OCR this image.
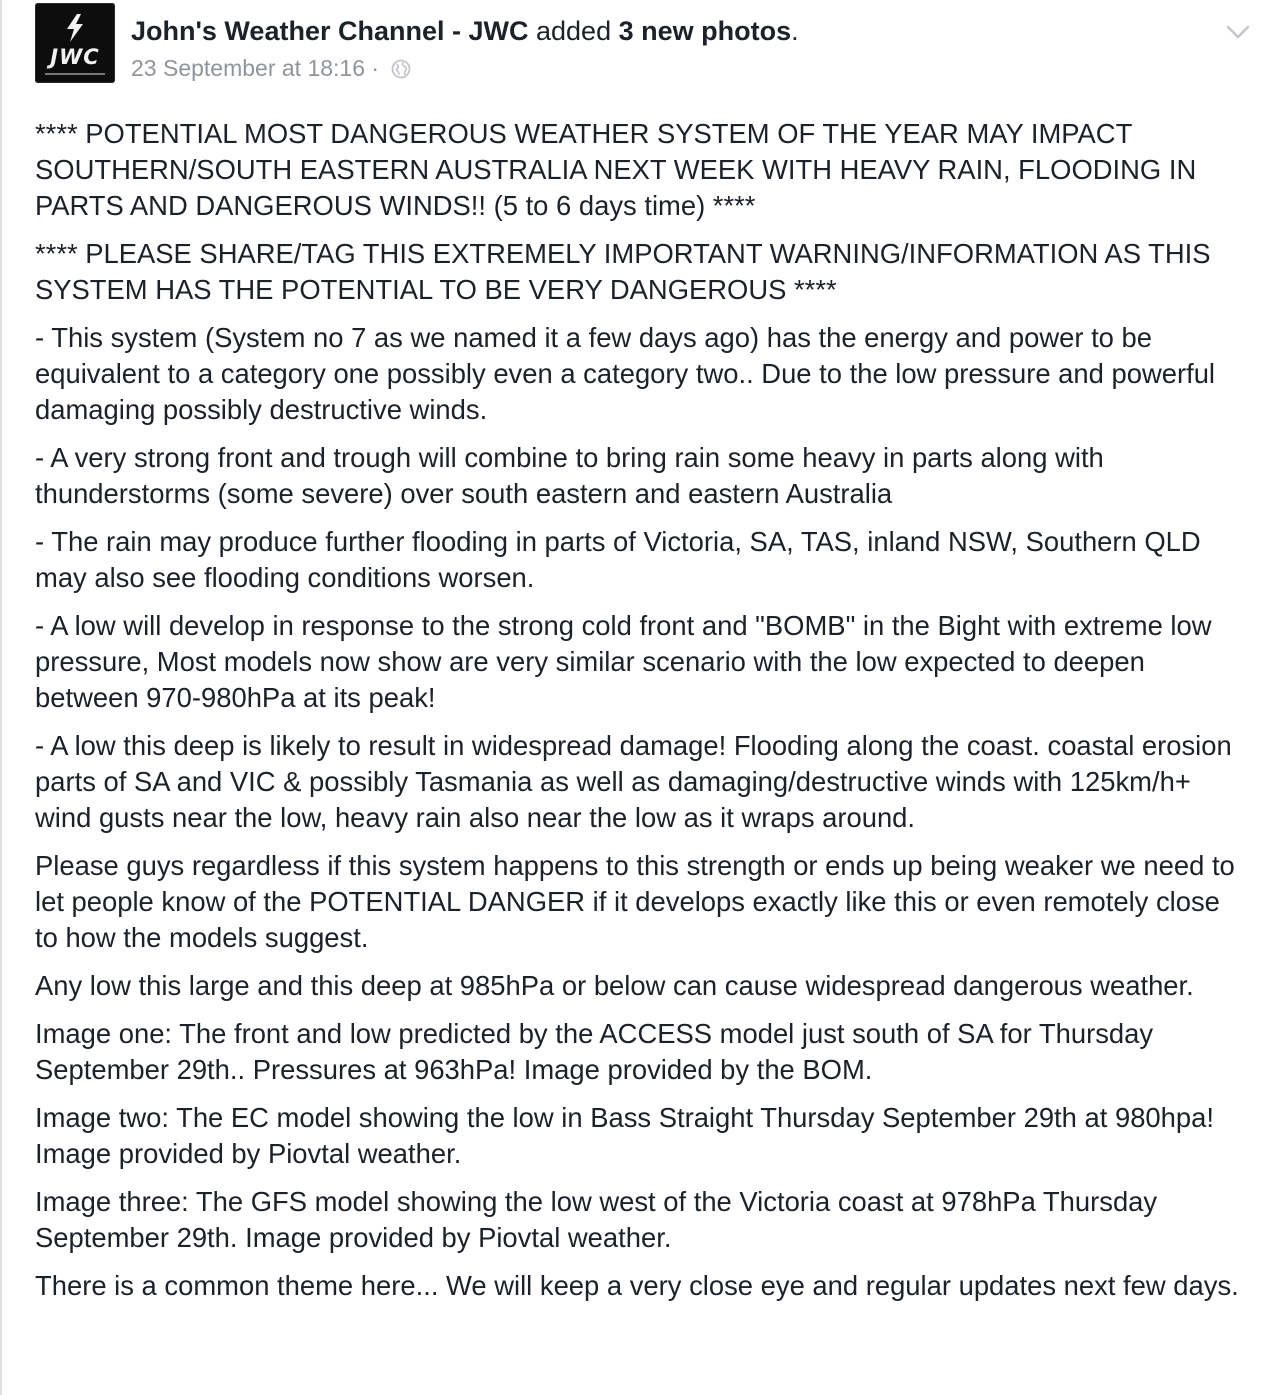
JWC
John's Weather Channel - JWC added 3 new photos.
23 September at 18:16 ·

**** POTENTIAL MOST DANGEROUS WEATHER SYSTEM OF THE YEAR MAY IMPACT SOUTHERN/SOUTH EASTERN AUSTRALIA NEXT WEEK WITH HEAVY RAIN, FLOODING IN PARTS AND DANGEROUS WINDS!! (5 to 6 days time) ****

**** PLEASE SHARE/TAG THIS EXTREMELY IMPORTANT WARNING/INFORMATION AS THIS SYSTEM HAS THE POTENTIAL TO BE VERY DANGEROUS ****

- This system (System no 7 as we named it a few days ago) has the energy and power to be equivalent to a category one possibly even a category two.. Due to the low pressure and powerful damaging possibly destructive winds.

- A very strong front and trough will combine to bring rain some heavy in parts along with thunderstorms (some severe) over south eastern and eastern Australia

- The rain may produce further flooding in parts of Victoria, SA, TAS, inland NSW, Southern QLD may also see flooding conditions worsen.

- A low will develop in response to the strong cold front and "BOMB" in the Bight with extreme low pressure, Most models now show are very similar scenario with the low expected to deepen between 970-980hPa at its peak!

- A low this deep is likely to result in widespread damage! Flooding along the coast. coastal erosion parts of SA and VIC & possibly Tasmania as well as damaging/destructive winds with 125km/h+ wind gusts near the low, heavy rain also near the low as it wraps around.

Please guys regardless if this system happens to this strength or ends up being weaker we need to let people know of the POTENTIAL DANGER if it develops exactly like this or even remotely close to how the models suggest.

Any low this large and this deep at 985hPa or below can cause widespread dangerous weather.

Image one: The front and low predicted by the ACCESS model just south of SA for Thursday September 29th.. Pressures at 963hPa! Image provided by the BOM.

Image two: The EC model showing the low in Bass Straight Thursday September 29th at 980hpa! Image provided by Piovtal weather.

Image three: The GFS model showing the low west of the Victoria coast at 978hPa Thursday September 29th. Image provided by Piovtal weather.

There is a common theme here... We will keep a very close eye and regular updates next few days.
